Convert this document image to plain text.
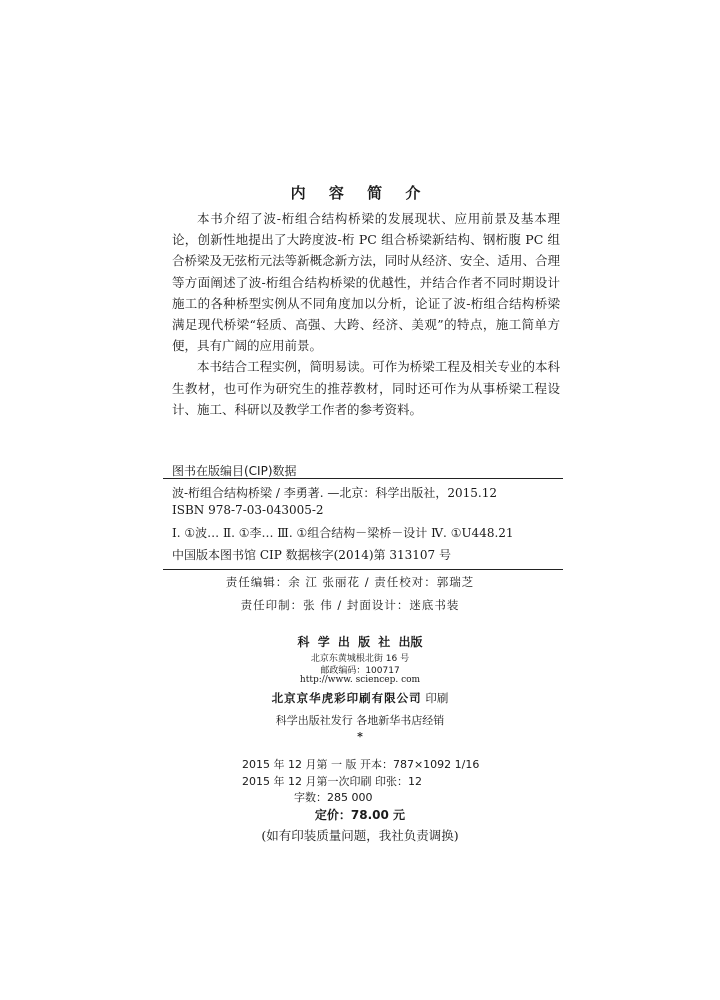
内 容 简 介

本书介绍了波-桁组合结构桥梁的发展现状、应用前景及基本理论，创新性地提出了大跨度波-桁 PC 组合桥梁新结构、钢桁腹 PC 组合桥梁及无弦桁元法等新概念新方法，同时从经济、安全、适用、合理等方面阐述了波-桁组合结构桥梁的优越性，并结合作者不同时期设计施工的各种桥型实例从不同角度加以分析，论证了波-桁组合结构桥梁满足现代桥梁“轻质、高强、大跨、经济、美观”的特点，施工简单方便，具有广阔的应用前景。

本书结合工程实例，简明易读。可作为桥梁工程及相关专业的本科生教材，也可作为研究生的推荐教材，同时还可作为从事桥梁工程设计、施工、科研以及教学工作者的参考资料。

图书在版编目(CIP)数据
波-桁组合结构桥梁 / 李勇著. —北京：科学出版社，2015.12
ISBN 978-7-03-043005-2
Ⅰ. ①波… Ⅱ. ①李… Ⅲ. ①组合结构－梁桥－设计 Ⅳ. ①U448.21
中国版本图书馆 CIP 数据核字(2014)第 313107 号
责任编辑：余 江 张丽花 / 责任校对：郭瑞芝
责任印制：张 伟 / 封面设计：迷底书装
科 学 出 版 社 出版
北京东黄城根北街 16 号
邮政编码：100717
http://www. sciencep. com
北京京华虎彩印刷有限公司 印刷
科学出版社发行 各地新华书店经销
*
2015 年 12 月第 一 版 开本：787×1092 1/16
2015 年 12 月第一次印刷 印张：12
字数：285 000
定价：78.00 元
(如有印装质量问题，我社负责调换)
